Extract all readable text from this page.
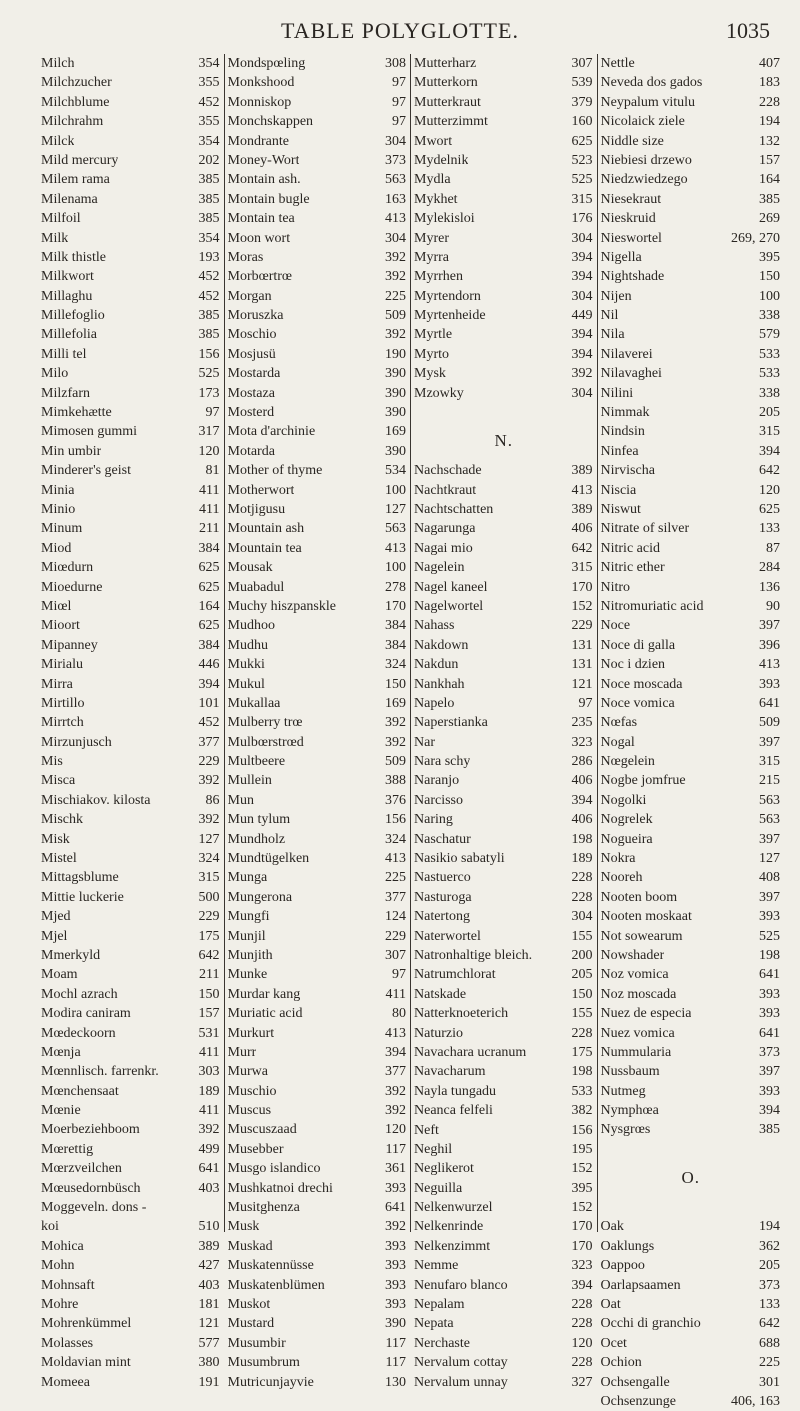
TABLE POLYGLOTTE.	1035
Milch	354
Milchzucher	355
Milchblume	452
Milchrahm	355
Milck	354
Mild mercury	202
Milem rama	385
Milenama	385
Milfoil	385
Milk	354
Milk thistle	193
Milkwort	452
Millaghu	452
Millefoglio	385
Millefolia	385
Milli tel	156
Milo	525
Milzfarn	173
Mimkehætte	97
Mimosen gummi	317
Min umbir	120
Minderer's geist	81
Minia	411
Minio	411
Minum	211
Miod	384
Miœdurn	625
Mioedurne	625
Miœl	164
Mioort	625
Mipanney	384
Mirialu	446
Mirra	394
Mirtillo	101
Mirrtch	452
Mirzunjusch	377
Mis	229
Misca	392
Mischiakov. kilosta	86
Mischk	392
Misk	127
Mistel	324
Mittagsblume	315
Mittie luckerie	500
Mjed	229
Mjel	175
Mmerkyld	642
Moam	211
Mochl azrach	150
Modira caniram	157
Mœdeckoorn	531
Mœnja	411
Mœnnlisch. farrenkr.	303
Mœnchensaat	189
Mœnie	411
Moerbeziehboom	392
Mœrettig	499
Mœrzveilchen	641
Mœusedornbüsch	403
Moggeveln. dons -
koi	510
Mohica	389
Mohn	427
Mohnsaft	403
Mohre	181
Mohrenkümmel	121
Molasses	577
Moldavian mint	380
Momeea	191
Mondspœling	308
Monkshood	97
Monniskop	97
Monchskappen	97
Mondrante	304
Money-Wort	373
Montain ash.	563
Montain bugle	163
Montain tea	413
Moon wort	304
Moras	392
Morbœrtrœ	392
Morgan	225
Moruszka	509
Moschio	392
Mosjusü	190
Mostarda	390
Mostaza	390
Mosterd	390
Mota d'archinie	169
Motarda	390
Mother of thyme	534
Motherwort	100
Motjigusu	127
Mountain ash	563
Mountain tea	413
Mousak	100
Muabadul	278
Muchy hiszpanskle	170
Mudhoo	384
Mudhu	384
Mukki	324
Mukul	150
Mukallaa	169
Mulberry trœ	392
Mulbœrstrœd	392
Multbeere	509
Mullein	388
Mun	376
Mun tylum	156
Mundholz	324
Mundtügelken	413
Munga	225
Mungerona	377
Mungfi	124
Munjil	229
Munjith	307
Munke	97
Murdar kang	411
Muriatic acid	80
Murkurt	413
Murr	394
Murwa	377
Muschio	392
Muscus	392
Muscuszaad	120
Musebber	117
Musgo islandico	361
Mushkatnoi drechi	393
Musitghenza	641
Musk	392
Muskad	393
Muskatennüsse	393
Muskatenblümen	393
Muskot	393
Mustard	390
Musumbir	117
Musumbrum	117
Mutricunjayvie	130
Mutterharz	307
Mutterkorn	539
Mutterkraut	379
Mutterzimmt	160
Mwort	625
Mydelnik	523
Mydla	525
Mykhet	315
Mylekisloi	176
Myrer	304
Myrra	394
Myrrhen	394
Myrtendorn	304
Myrtenheide	449
Myrtle	394
Myrto	394
Mysk	392
Mzowky	304
N.
Nachschade	389
Nachtkraut	413
Nachtschatten	389
Nagarunga	406
Nagai mio	642
Nagelein	315
Nagel kaneel	170
Nagelwortel	152
Nahass	229
Nakdown	131
Nakdun	131
Nankhah	121
Napelo	97
Naperstianka	235
Nar	323
Nara schy	286
Naranjo	406
Narcisso	394
Naring	406
Naschatur	198
Nasikio sabatyli	189
Nastuerco	228
Nasturoga	228
Natertong	304
Naterwortel	155
Natronhaltige bleich.	200
Natrumchlorat	205
Natskade	150
Natterknoeterich	155
Naturzio	228
Navachara ucranum	175
Navacharum	198
Nayla tungadu	533
Neanca felfeli	382
Neft	156
Neghil	195
Neglikerot	152
Neguilla	395
Nelkenwurzel	152
Nelkenrinde	170
Nelkenzimmt	170
Nemme	323
Nenufaro blanco	394
Nepalam	228
Nepata	228
Nerchaste	120
Nervalum cottay	228
Nervalum unnay	327
Nettle	407
Neveda dos gados	183
Neypalum vitulu	228
Nicolaick ziele	194
Niddle size	132
Niebiesi drzewo	157
Niedzwiedzego	164
Niesekraut	385
Nieskruid	269
Nieswortel	269, 270
Nigella	395
Nightshade	150
Nijen	100
Nil	338
Nila	579
Nilaverei	533
Nilavaghei	533
Nilini	338
Nimmak	205
Nindsin	315
Ninfea	394
Nirvischa	642
Niscia	120
Niswut	625
Nitrate of silver	133
Nitric acid	87
Nitric ether	284
Nitro	136
Nitromuriatic acid	90
Noce	397
Noce di galla	396
Noc i dzien	413
Noce moscada	393
Noce vomica	641
Nœfas	509
Nogal	397
Nœgelein	315
Nogbe jomfrue	215
Nogolki	563
Nogrelek	563
Nogueira	397
Nokra	127
Nooreh	408
Nooten boom	397
Nooten moskaat	393
Not sowearum	525
Nowshader	198
Noz vomica	641
Noz moscada	393
Nuez de especia	393
Nuez vomica	641
Nummularia	373
Nussbaum	397
Nutmeg	393
Nymphœa	394
Nysgrœs	385
O.
Oak	194
Oaklungs	362
Oappoo	205
Oarlapsaamen	373
Oat	133
Occhi di granchio	642
Ocet	688
Ochion	225
Ochsengalle	301
Ochsenzunge	406, 163
